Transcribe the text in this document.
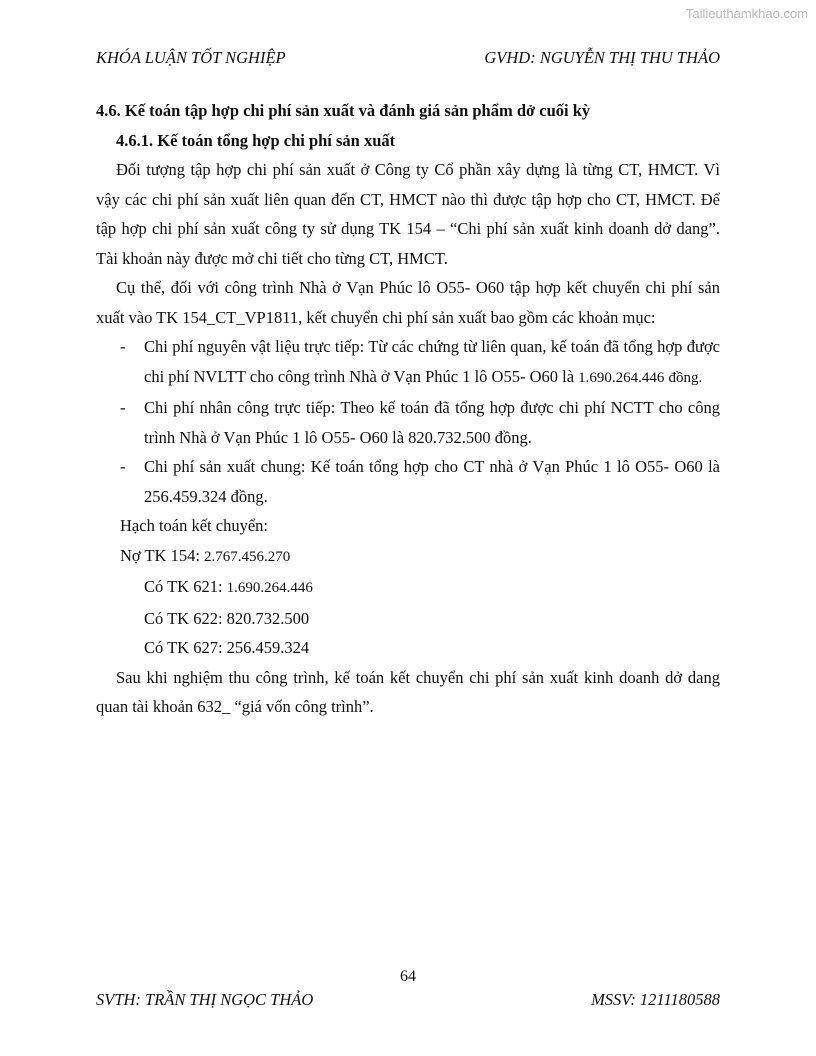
Tailieuthamkhao.com
KHÓA LUẬN TỐT NGHIỆP	GVHD: NGUYỄN THỊ THU THẢO

4.6. Kế toán tập hợp chi phí sản xuất và đánh giá sản phẩm dở cuối kỳ

4.6.1. Kế toán tổng hợp chi phí sản xuất

Đối tượng tập hợp chi phí sản xuất ở Công ty Cổ phần xây dựng là từng CT, HMCT. Vì vậy các chi phí sản xuất liên quan đến CT, HMCT nào thì được tập hợp cho CT, HMCT. Để tập hợp chi phí sản xuất công ty sử dụng TK 154 – “Chi phí sản xuất kinh doanh dở dang”. Tài khoản này được mở chi tiết cho từng CT, HMCT.

Cụ thể, đối với công trình Nhà ở Vạn Phúc lô O55- O60 tập hợp kết chuyển chi phí sản xuất vào TK 154_CT_VP1811, kết chuyển chi phí sản xuất bao gồm các khoản mục:

- Chi phí nguyên vật liệu trực tiếp: Từ các chứng từ liên quan, kế toán đã tổng hợp được chi phí NVLTT cho công trình Nhà ở Vạn Phúc 1 lô O55- O60 là 1.690.264.446 đồng.

- Chi phí nhân công trực tiếp: Theo kế toán đã tổng hợp được chi phí NCTT cho công trình Nhà ở Vạn Phúc 1 lô O55- O60 là 820.732.500 đồng.

- Chi phí sản xuất chung: Kế toán tổng hợp cho CT nhà ở Vạn Phúc 1 lô O55- O60 là 256.459.324 đồng.

Hạch toán kết chuyển:

Nợ TK 154: 2.767.456.270

Có TK 621: 1.690.264.446

Có TK 622: 820.732.500

Có TK 627: 256.459.324

Sau khi nghiệm thu công trình, kế toán kết chuyển chi phí sản xuất kinh doanh dở dang quan tài khoản 632_ “giá vốn công trình”.

64
SVTH: TRẦN THỊ NGỌC THẢO	MSSV: 1211180588
